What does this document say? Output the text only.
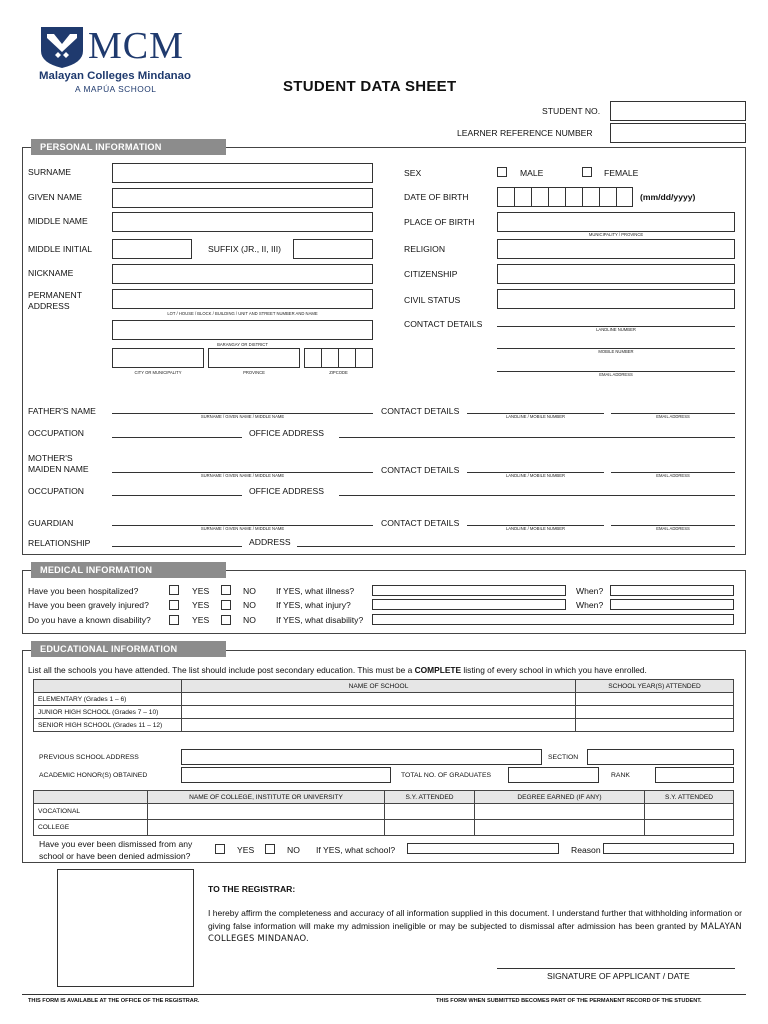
MCM
Malayan Colleges Mindanao
A MAPÚA SCHOOL	STUDENT DATA SHEET
STUDENT NO.
LEARNER REFERENCE NUMBER
PERSONAL INFORMATION
SURNAME
GIVEN NAME
MIDDLE NAME
MIDDLE INITIAL	SUFFIX (JR., II, III)
NICKNAME
PERMANENT
ADDRESS
LOT / HOUSE / BLOCK / BUILDING / UNIT AND STREET NUMBER AND NAME
BARANGAY OR DISTRICT
CITY OR MUNICIPALITY	PROVINCE	ZIPCODE
SEX	MALE	FEMALE
DATE OF BIRTH	(mm/dd/yyyy)
PLACE OF BIRTH
MUNICIPALITY / PROVINCE
RELIGION
CITIZENSHIP
CIVIL STATUS
CONTACT DETAILS
LANDLINE NUMBER
MOBILE NUMBER
EMAIL ADDRESS
FATHER'S NAME
SURNAME / GIVEN NAME / MIDDLE NAME
CONTACT DETAILS
LANDLINE / MOBILE NUMBER	EMAIL ADDRESS
OCCUPATION	OFFICE ADDRESS
MOTHER'S
MAIDEN NAME
SURNAME / GIVEN NAME / MIDDLE NAME
CONTACT DETAILS
LANDLINE / MOBILE NUMBER	EMAIL ADDRESS
OCCUPATION	OFFICE ADDRESS
GUARDIAN
SURNAME / GIVEN NAME / MIDDLE NAME
CONTACT DETAILS
LANDLINE / MOBILE NUMBER	EMAIL ADDRESS
RELATIONSHIP	ADDRESS
MEDICAL INFORMATION
Have you been hospitalized?	YES	NO If YES, what illness?	When?
Have you been gravely injured?	YES	NO If YES, what injury?	When?
Do you have a known disability?	YES	NO If YES, what disability?
EDUCATIONAL INFORMATION
List all the schools you have attended. The list should include post secondary education. This must be a COMPLETE listing of every school in which you have enrolled.
	NAME OF SCHOOL	SCHOOL YEAR(S) ATTENDED
ELEMENTARY (Grades 1 – 6)		
JUNIOR HIGH SCHOOL (Grades 7 – 10)		
SENIOR HIGH SCHOOL (Grades 11 – 12)		
PREVIOUS SCHOOL ADDRESS	SECTION
ACADEMIC HONOR(S) OBTAINED	TOTAL NO. OF GRADUATES	RANK
	NAME OF COLLEGE, INSTITUTE OR UNIVERSITY	S.Y. ATTENDED	DEGREE EARNED (IF ANY)	S.Y. ATTENDED
VOCATIONAL				
COLLEGE				
Have you ever been dismissed from any
school or have been denied admission?
YES	NO If YES, what school?	Reason
TO THE REGISTRAR:
I hereby affirm the completeness and accuracy of all information supplied in this document. I understand further that withholding information or giving false information will make my admission ineligible or may be subjected to dismissal after admission has been granted by MALAYAN COLLEGES MINDANAO.
SIGNATURE OF APPLICANT / DATE
THIS FORM IS AVAILABLE AT THE OFFICE OF THE REGISTRAR.	THIS FORM WHEN SUBMITTED BECOMES PART OF THE PERMANENT RECORD OF THE STUDENT.
